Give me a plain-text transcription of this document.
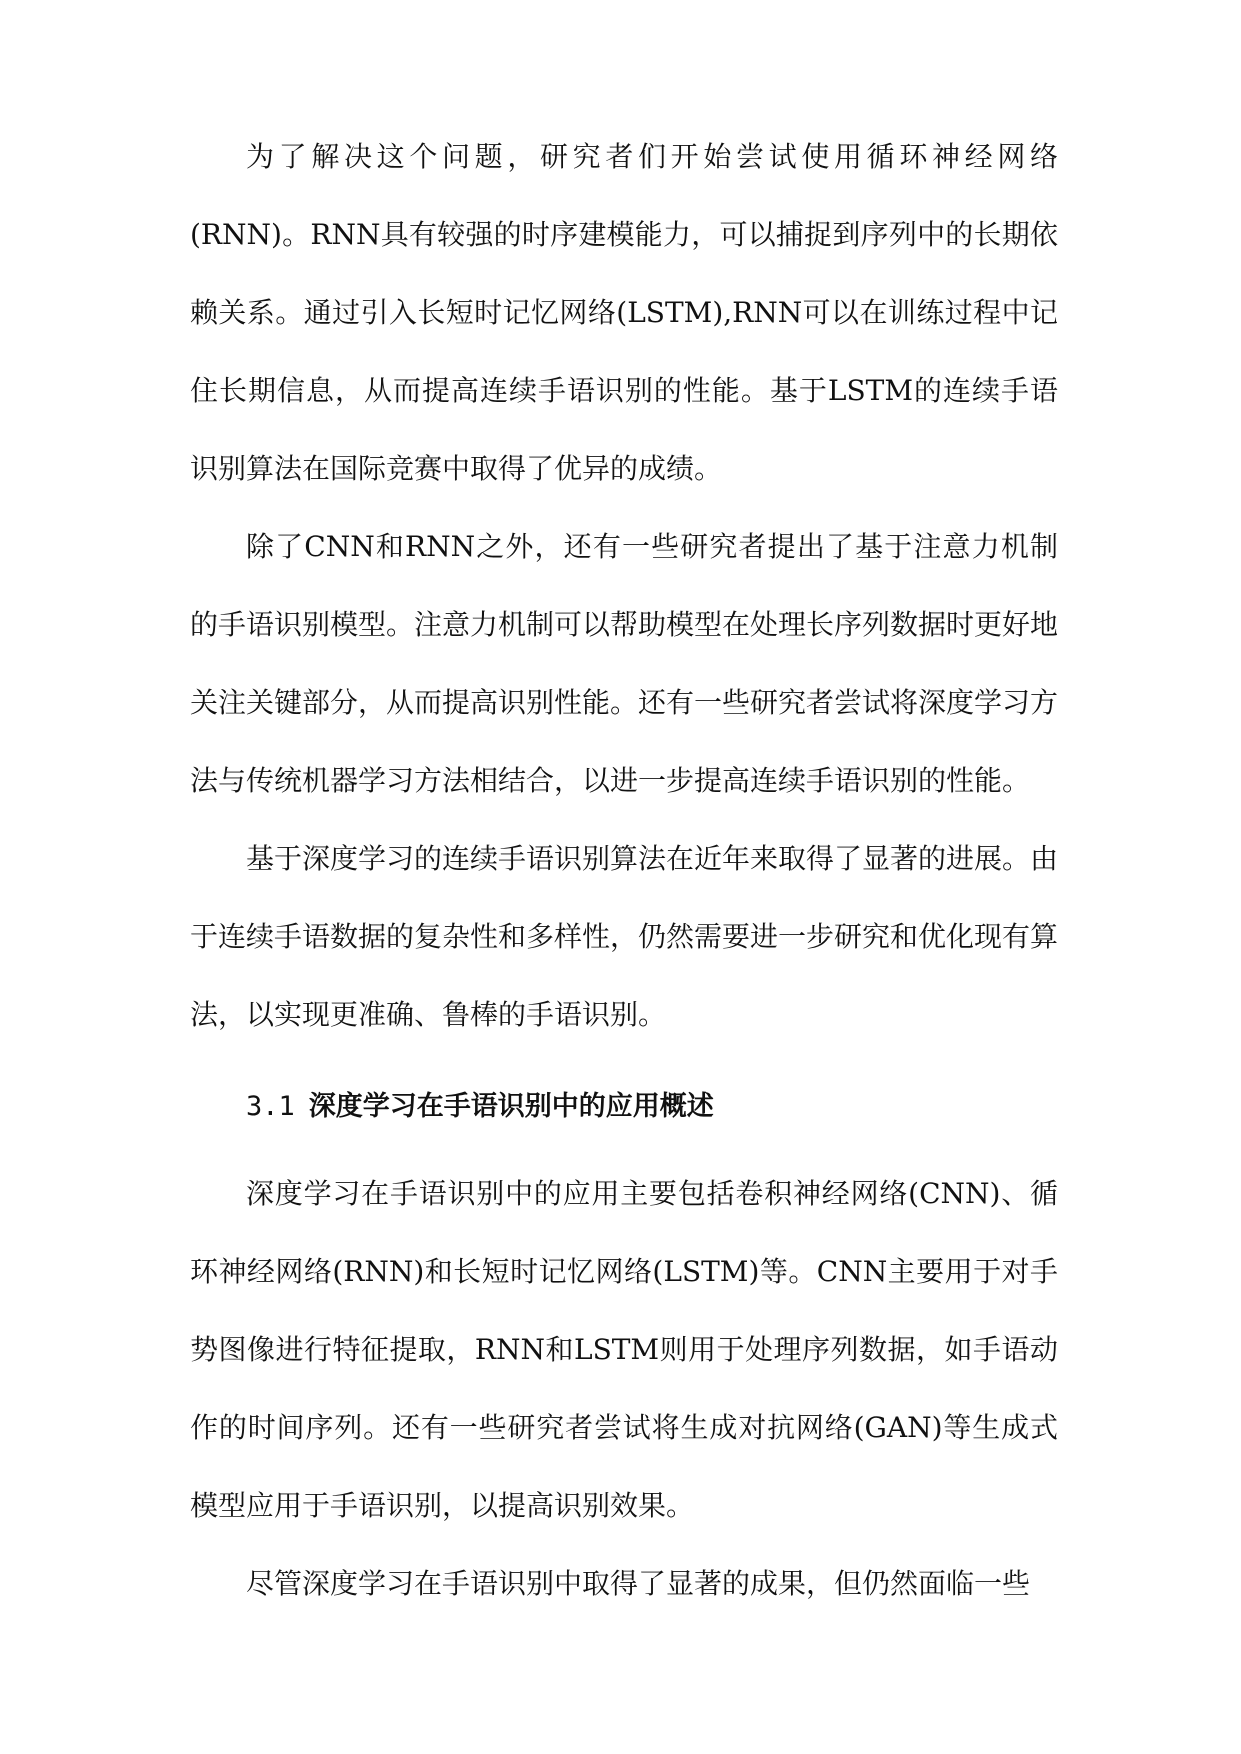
为了解决这个问题，研究者们开始尝试使用循环神经网络(RNN)。RNN具有较强的时序建模能力，可以捕捉到序列中的长期依赖关系。通过引入长短时记忆网络(LSTM),RNN可以在训练过程中记住长期信息，从而提高连续手语识别的性能。基于LSTM的连续手语识别算法在国际竞赛中取得了优异的成绩。

除了CNN和RNN之外，还有一些研究者提出了基于注意力机制的手语识别模型。注意力机制可以帮助模型在处理长序列数据时更好地关注关键部分，从而提高识别性能。还有一些研究者尝试将深度学习方法与传统机器学习方法相结合，以进一步提高连续手语识别的性能。

基于深度学习的连续手语识别算法在近年来取得了显著的进展。由于连续手语数据的复杂性和多样性，仍然需要进一步研究和优化现有算法，以实现更准确、鲁棒的手语识别。

3.1 深度学习在手语识别中的应用概述

深度学习在手语识别中的应用主要包括卷积神经网络(CNN)、循环神经网络(RNN)和长短时记忆网络(LSTM)等。CNN主要用于对手势图像进行特征提取，RNN和LSTM则用于处理序列数据，如手语动作的时间序列。还有一些研究者尝试将生成对抗网络(GAN)等生成式模型应用于手语识别，以提高识别效果。

尽管深度学习在手语识别中取得了显著的成果，但仍然面临一些
